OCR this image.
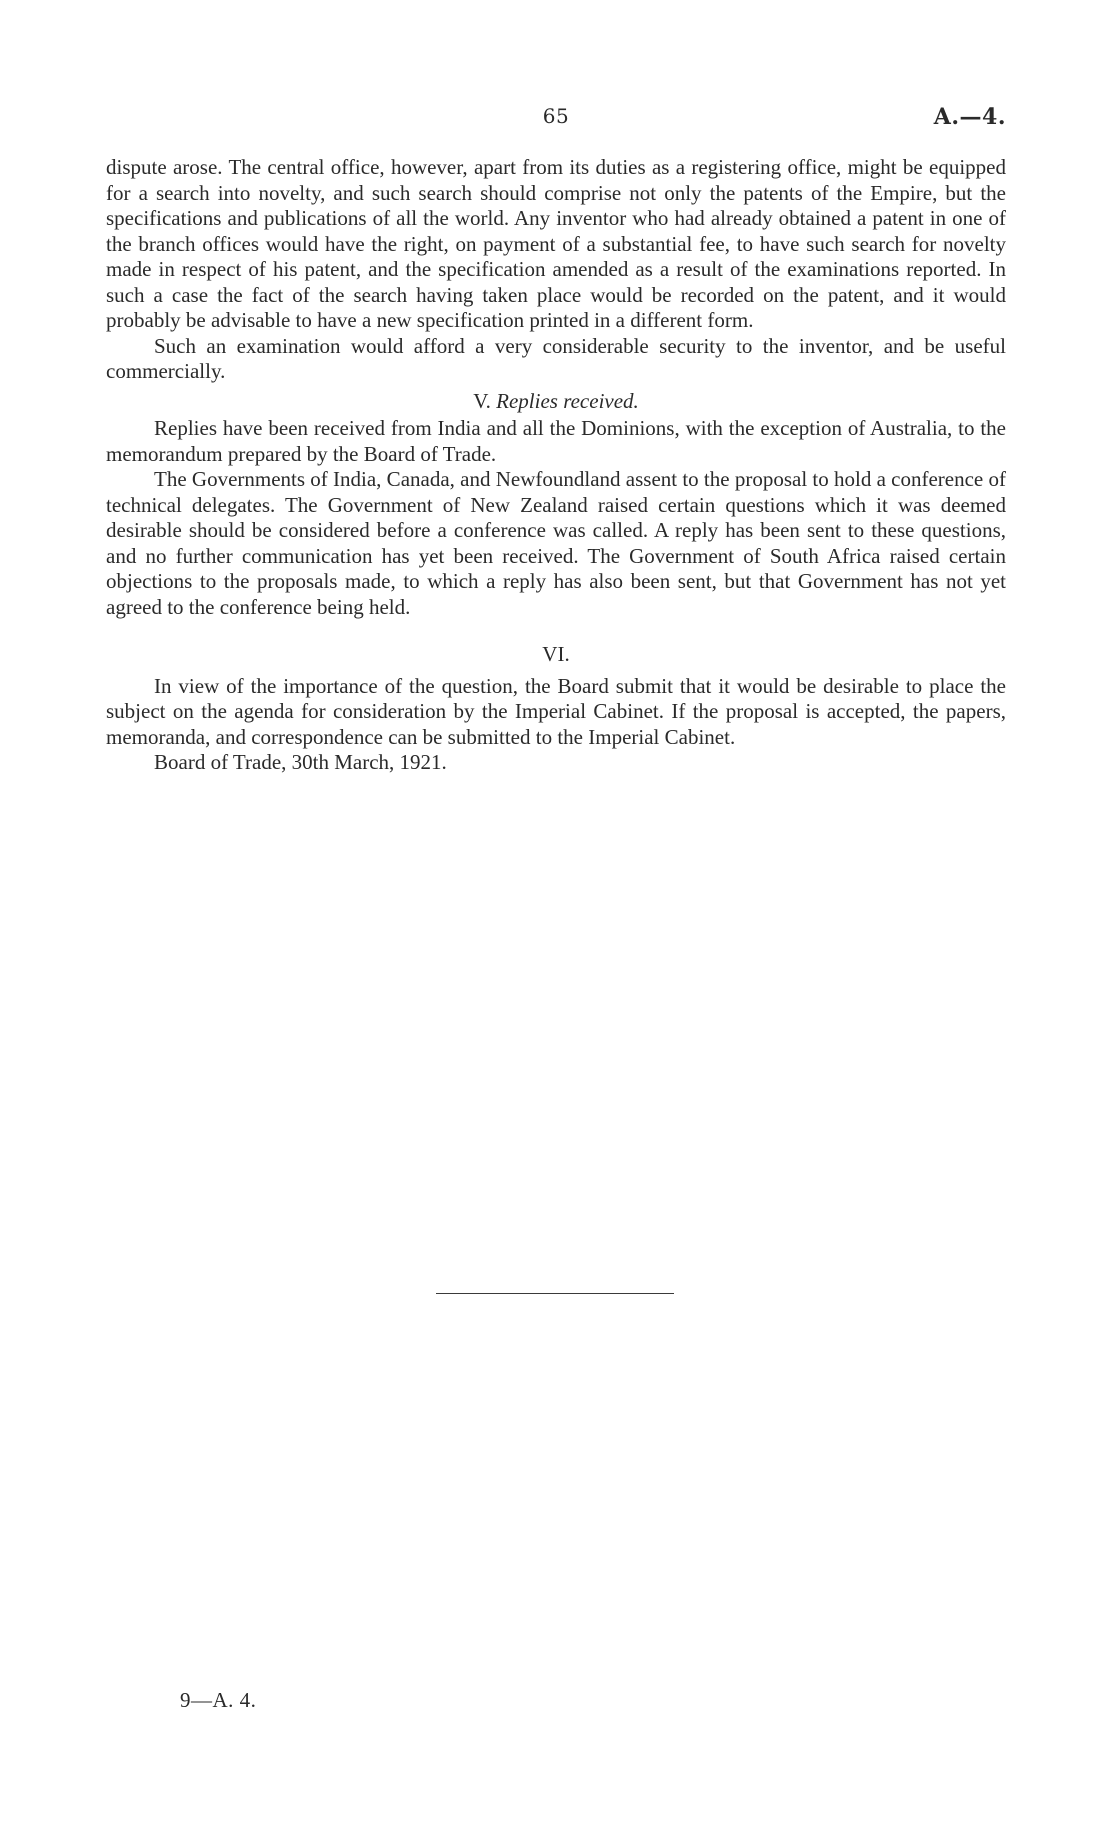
65	A.—4.

dispute arose. The central office, however, apart from its duties as a registering office, might be equipped for a search into novelty, and such search should comprise not only the patents of the Empire, but the specifications and publications of all the world. Any inventor who had already obtained a patent in one of the branch offices would have the right, on payment of a substantial fee, to have such search for novelty made in respect of his patent, and the specification amended as a result of the examinations reported. In such a case the fact of the search having taken place would be recorded on the patent, and it would probably be advisable to have a new specification printed in a different form.

Such an examination would afford a very considerable security to the inventor, and be useful commercially.

V. Replies received.

Replies have been received from India and all the Dominions, with the exception of Australia, to the memorandum prepared by the Board of Trade.

The Governments of India, Canada, and Newfoundland assent to the proposal to hold a conference of technical delegates. The Government of New Zealand raised certain questions which it was deemed desirable should be considered before a conference was called. A reply has been sent to these questions, and no further communication has yet been received. The Government of South Africa raised certain objections to the proposals made, to which a reply has also been sent, but that Government has not yet agreed to the conference being held.

VI.

In view of the importance of the question, the Board submit that it would be desirable to place the subject on the agenda for consideration by the Imperial Cabinet. If the proposal is accepted, the papers, memoranda, and correspondence can be submitted to the Imperial Cabinet.

Board of Trade, 30th March, 1921.

9—A. 4.
